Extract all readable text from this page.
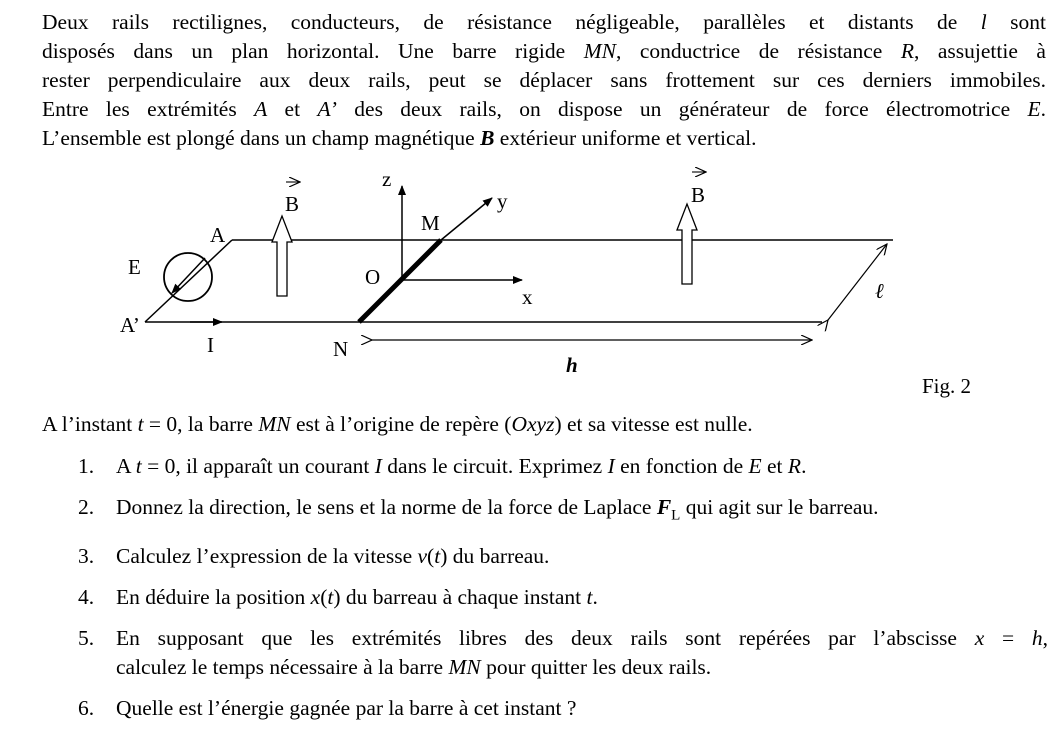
Deux rails rectilignes, conducteurs, de résistance négligeable, parallèles et distants de l sont
disposés dans un plan horizontal. Une barre rigide MN, conductrice de résistance R, assujettie à
rester perpendiculaire aux deux rails, peut se déplacer sans frottement sur ces derniers immobiles.
Entre les extrémités A et A’ des deux rails, on dispose un générateur de force électromotrice E.
L’ensemble est plongé dans un champ magnétique B extérieur uniforme et vertical.
A
A’
E
I	N
M
O
x
y
z
B	B
ℓ
h
Fig. 2

A l’instant t = 0, la barre MN est à l’origine de repère (Oxyz) et sa vitesse est nulle.

1. A t = 0, il apparaît un courant I dans le circuit. Exprimez I en fonction de E et R.
2. Donnez la direction, le sens et la norme de la force de Laplace $F_L$ qui agit sur le barreau.
3. Calculez l’expression de la vitesse v(t) du barreau.
4. En déduire la position x(t) du barreau à chaque instant t.
5. En supposant que les extrémités libres des deux rails sont repérées par l’abscisse x = h,
calculez le temps nécessaire à la barre MN pour quitter les deux rails.
6. Quelle est l’énergie gagnée par la barre à cet instant ?
